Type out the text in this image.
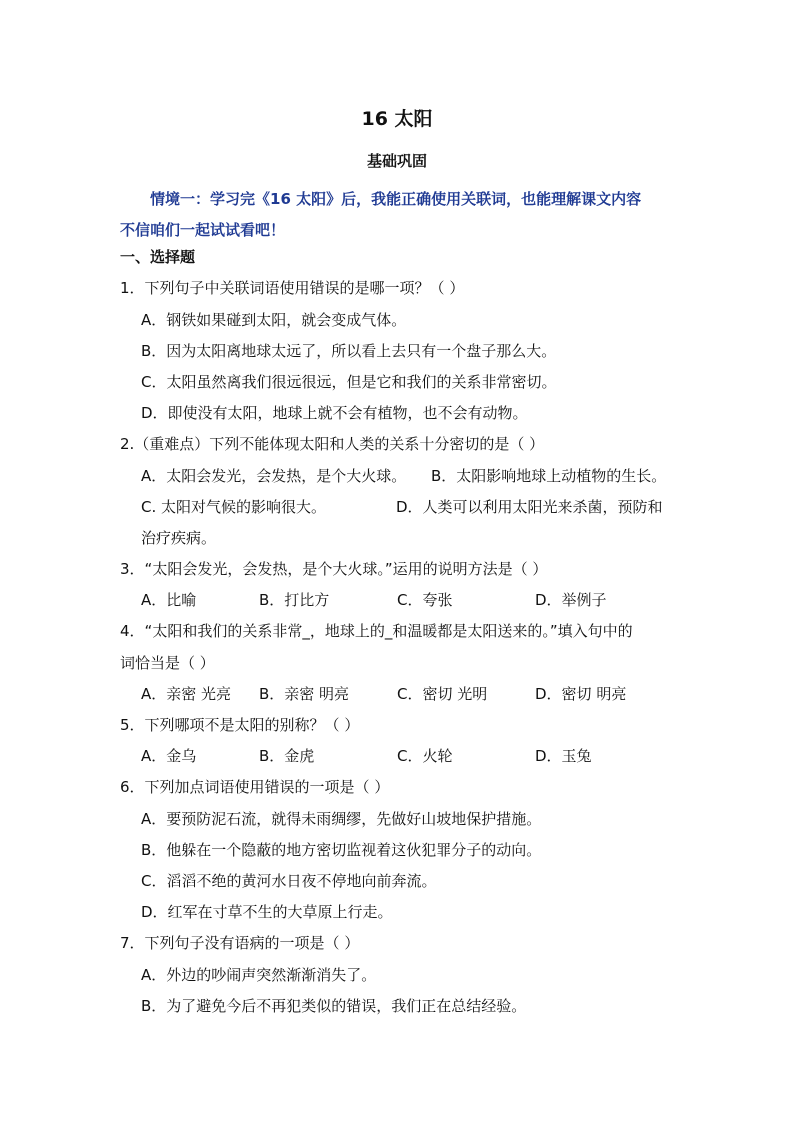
16 太阳
基础巩固
情境一：学习完《16 太阳》后，我能正确使用关联词，也能理解课文内容
不信咱们一起试试看吧！
一、选择题
1．下列句子中关联词语使用错误的是哪一项？（ ）
A．钢铁如果碰到太阳，就会变成气体。
B．因为太阳离地球太远了，所以看上去只有一个盘子那么大。
C．太阳虽然离我们很远很远，但是它和我们的关系非常密切。
D．即使没有太阳，地球上就不会有植物，也不会有动物。
2.（重难点）下列不能体现太阳和人类的关系十分密切的是（ ）
A．太阳会发光，会发热，是个大火球。 B．太阳影响地球上动植物的生长。
C. 太阳对气候的影响很大。	D．人类可以利用太阳光来杀菌，预防和
治疗疾病。
3．“太阳会发光，会发热，是个大火球。”运用的说明方法是（ ）
A．比喻	B．打比方	C．夸张	D．举例子
4．“太阳和我们的关系非常_，地球上的_和温暖都是太阳送来的。”填入句中的
词恰当是（ ）
A．亲密 光亮 B．亲密 明亮	C．密切 光明	D．密切 明亮
5．下列哪项不是太阳的别称？（ ）
A．金乌	B．金虎	C．火轮	D．玉兔
6．下列加点词语使用错误的一项是（ ）
A．要预防泥石流，就得未雨绸缪，先做好山坡地保护措施。
B．他躲在一个隐蔽的地方密切监视着这伙犯罪分子的动向。
C．滔滔不绝的黄河水日夜不停地向前奔流。
D．红军在寸草不生的大草原上行走。
7．下列句子没有语病的一项是（ ）
A．外边的吵闹声突然渐渐消失了。
B．为了避免今后不再犯类似的错误，我们正在总结经验。
